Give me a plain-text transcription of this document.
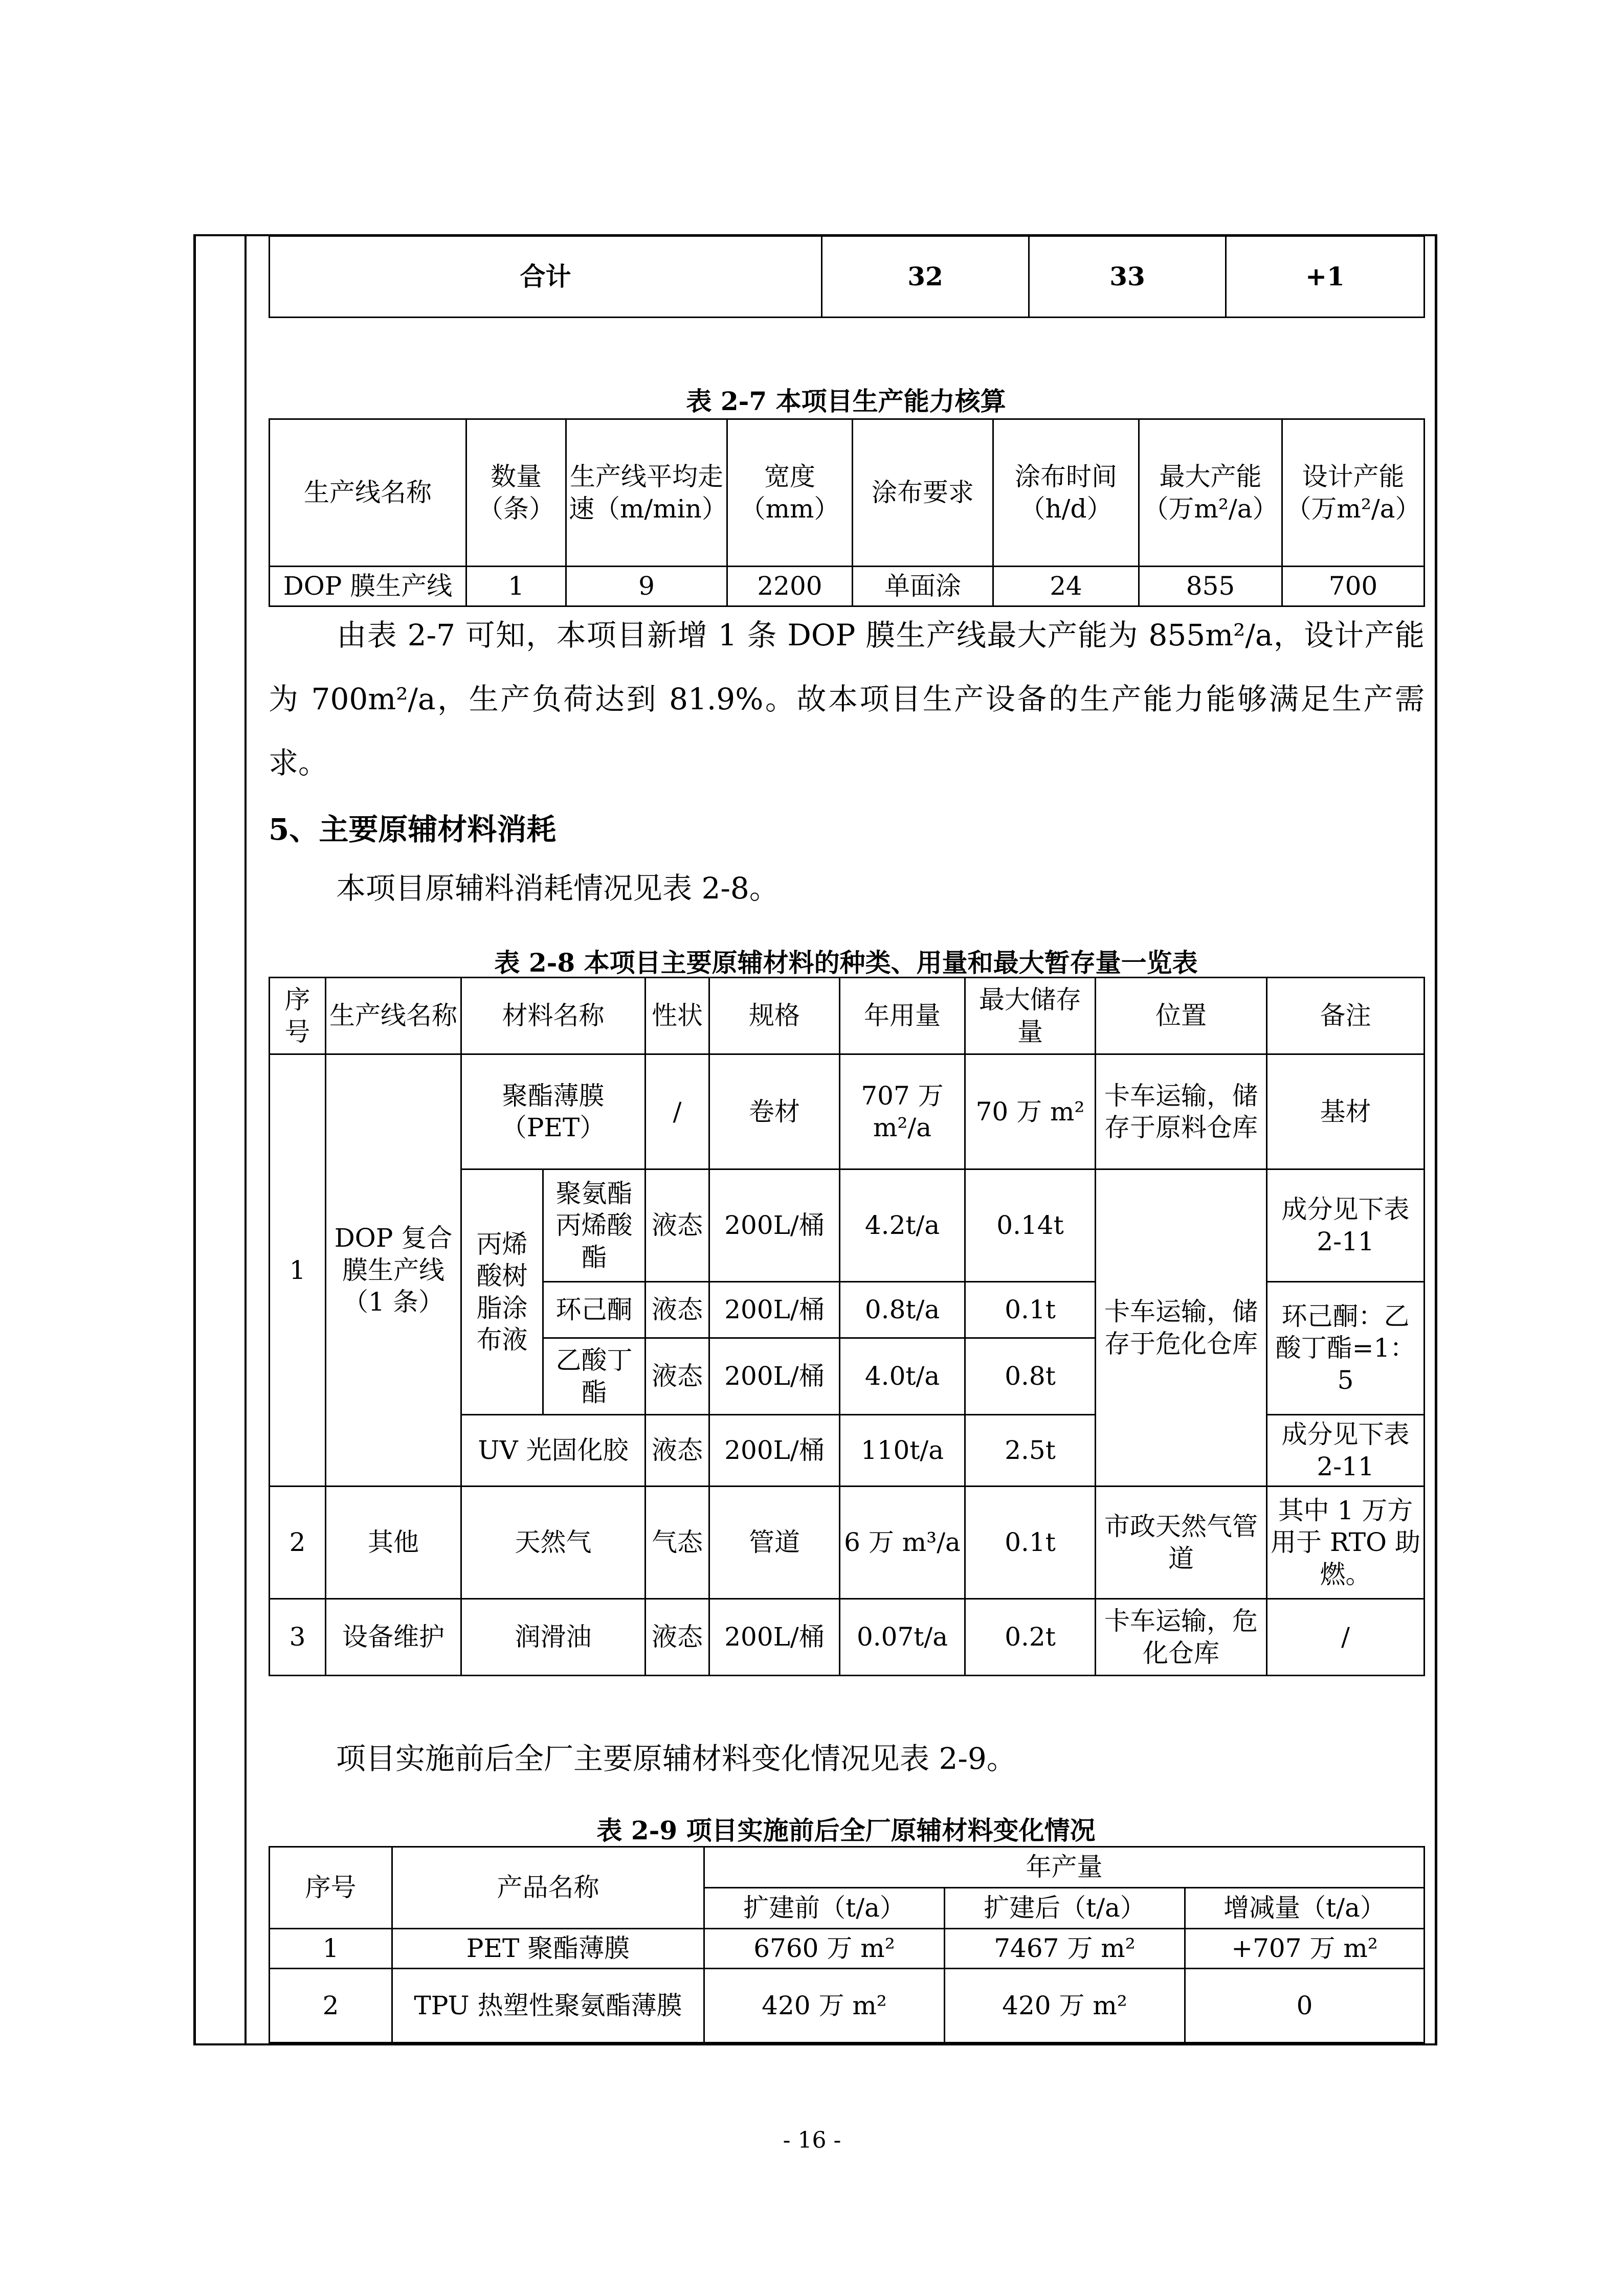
合计	32	33	+1
表 2-7 本项目生产能力核算
生产线名称	数量（条）	生产线平均走速（m/min）	宽度（mm）	涂布要求	涂布时间（h/d）	最大产能（万m²/a）	设计产能（万m²/a）
DOP 膜生产线	1	9	2200	单面涂	24	855	700
由表 2-7 可知，本项目新增 1 条 DOP 膜生产线最大产能为 855m²/a，设计产能为 700m²/a，生产负荷达到 81.9%。故本项目生产设备的生产能力能够满足生产需求。
5、主要原辅材料消耗
本项目原辅料消耗情况见表 2-8。
表 2-8 本项目主要原辅材料的种类、用量和最大暂存量一览表
序号	生产线名称	材料名称		性状	规格	年用量	最大储存量	位置	备注
1	DOP 复合膜生产线（1 条）	聚酯薄膜（PET）		/	卷材	707 万 m²/a	70 万 m²	卡车运输，储存于原料仓库	基材
		丙烯酸树脂涂布液	聚氨酯丙烯酸酯	液态	200L/桶	4.2t/a	0.14t	卡车运输，储存于危化仓库	成分见下表 2-11
			环己酮	液态	200L/桶	0.8t/a	0.1t		环己酮：乙酸丁酯=1：5
			乙酸丁酯	液态	200L/桶	4.0t/a	0.8t		
		UV 光固化胶		液态	200L/桶	110t/a	2.5t		成分见下表 2-11
2	其他	天然气		气态	管道	6 万 m³/a	0.1t	市政天然气管道	其中 1 万方用于 RTO 助燃。
3	设备维护	润滑油		液态	200L/桶	0.07t/a	0.2t	卡车运输，危化仓库	/
项目实施前后全厂主要原辅材料变化情况见表 2-9。
表 2-9 项目实施前后全厂原辅材料变化情况
序号	产品名称	年产量		
		扩建前（t/a）	扩建后（t/a）	增减量（t/a）
1	PET 聚酯薄膜	6760 万 m²	7467 万 m²	+707 万 m²
2	TPU 热塑性聚氨酯薄膜	420 万 m²	420 万 m²	0
- 16 -
